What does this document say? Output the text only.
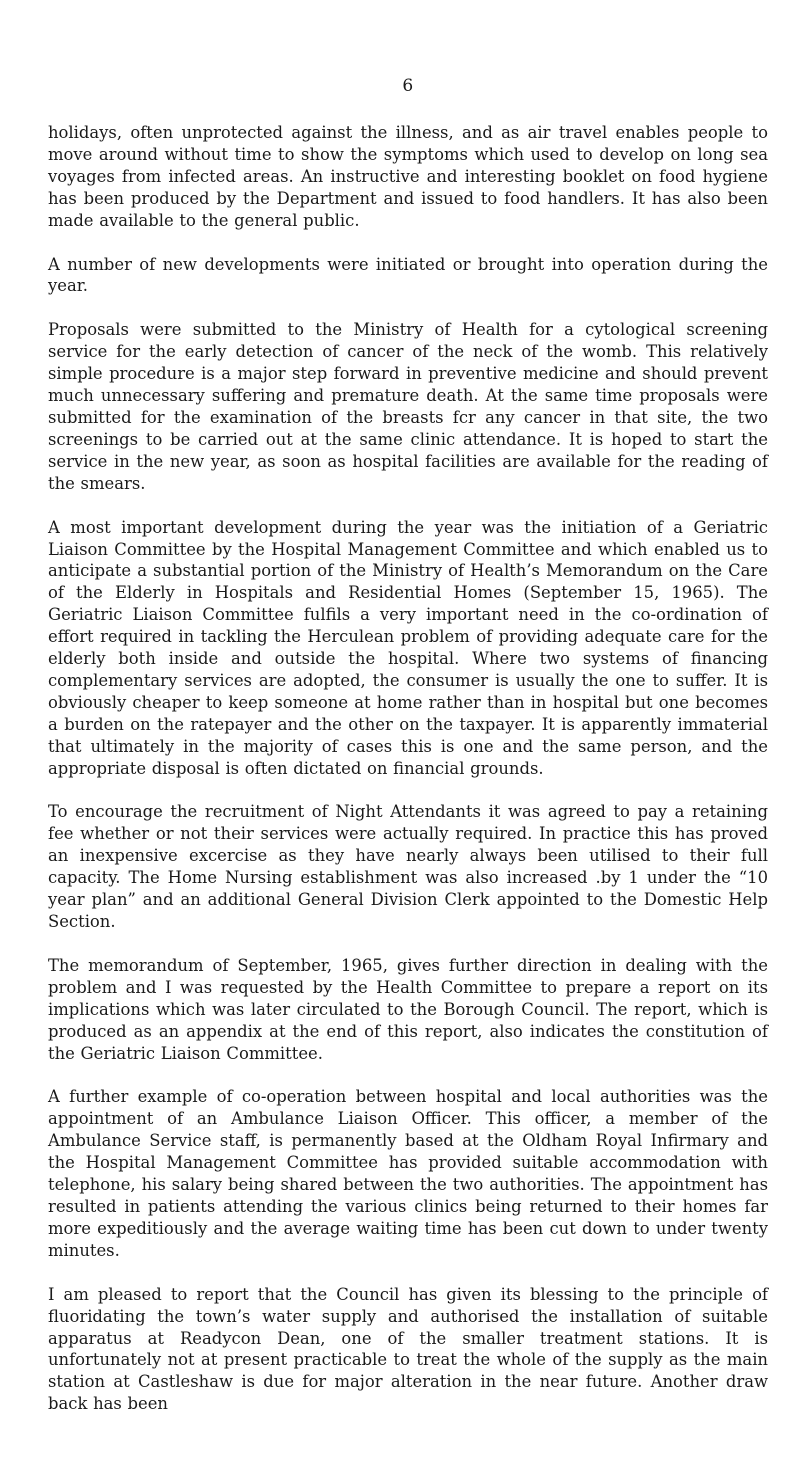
6

holidays, often unprotected against the illness, and as air travel enables people to move around without time to show the symptoms which used to develop on long sea voyages from infected areas. An instructive and interesting booklet on food hygiene has been produced by the Department and issued to food handlers. It has also been made available to the general public.

A number of new developments were initiated or brought into operation during the year.

Proposals were submitted to the Ministry of Health for a cytological screening service for the early detection of cancer of the neck of the womb. This relatively simple procedure is a major step forward in preventive medicine and should prevent much unnecessary suffering and premature death. At the same time proposals were submitted for the examination of the breasts fcr any cancer in that site, the two screenings to be carried out at the same clinic attendance. It is hoped to start the service in the new year, as soon as hospital facilities are available for the reading of the smears.

A most important development during the year was the initiation of a Geriatric Liaison Committee by the Hospital Management Committee and which enabled us to anticipate a substantial portion of the Ministry of Health’s Memorandum on the Care of the Elderly in Hospitals and Residential Homes (September 15, 1965). The Geriatric Liaison Committee fulfils a very important need in the co-ordination of effort required in tackling the Herculean problem of providing adequate care for the elderly both inside and outside the hospital. Where two systems of financing complementary services are adopted, the consumer is usually the one to suffer. It is obviously cheaper to keep someone at home rather than in hospital but one becomes a burden on the ratepayer and the other on the taxpayer. It is apparently immaterial that ultimately in the majority of cases this is one and the same person, and the appropriate disposal is often dictated on financial grounds.

To encourage the recruitment of Night Attendants it was agreed to pay a retaining fee whether or not their services were actually required. In practice this has proved an inexpensive excercise as they have nearly always been utilised to their full capacity. The Home Nursing establishment was also increased .by 1 under the “10 year plan” and an additional General Division Clerk appointed to the Domestic Help Section.

The memorandum of September, 1965, gives further direction in dealing with the problem and I was requested by the Health Committee to prepare a report on its implications which was later circulated to the Borough Council. The report, which is produced as an appendix at the end of this report, also indicates the constitution of the Geriatric Liaison Committee.

A further example of co-operation between hospital and local authorities was the appointment of an Ambulance Liaison Officer. This officer, a member of the Ambulance Service staff, is permanently based at the Oldham Royal Infirmary and the Hospital Management Committee has provided suitable accommodation with telephone, his salary being shared between the two authorities. The appointment has resulted in patients attending the various clinics being returned to their homes far more expeditiously and the average waiting time has been cut down to under twenty minutes.

I am pleased to report that the Council has given its blessing to the principle of fluoridating the town’s water supply and authorised the installation of suitable apparatus at Readycon Dean, one of the smaller treatment stations. It is unfortunately not at present practicable to treat the whole of the supply as the main station at Castleshaw is due for major alteration in the near future. Another draw back has been
